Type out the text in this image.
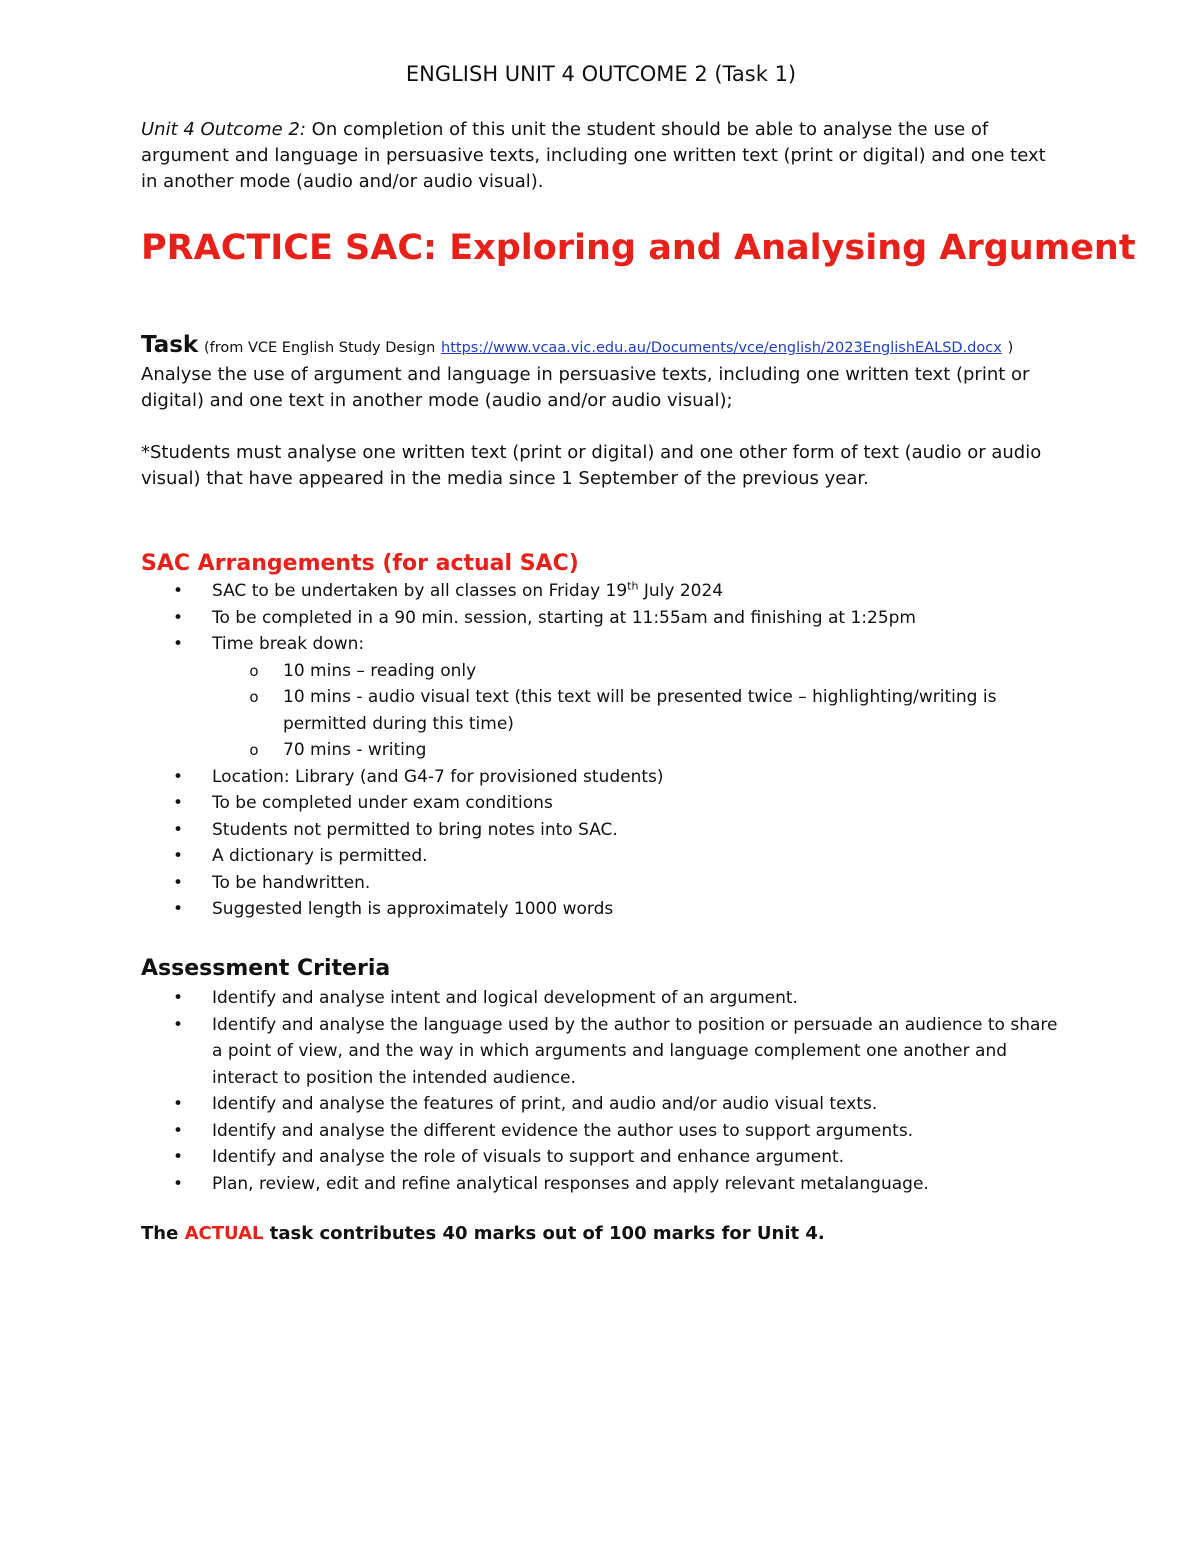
ENGLISH UNIT 4 OUTCOME 2 (Task 1)
Unit 4 Outcome 2: On completion of this unit the student should be able to analyse the use of argument and language in persuasive texts, including one written text (print or digital) and one text in another mode (audio and/or audio visual).
PRACTICE SAC: Exploring and Analysing Argument
Task (from VCE English Study Design https://www.vcaa.vic.edu.au/Documents/vce/english/2023EnglishEALSD.docx )
Analyse the use of argument and language in persuasive texts, including one written text (print or digital) and one text in another mode (audio and/or audio visual);
*Students must analyse one written text (print or digital) and one other form of text (audio or audio visual) that have appeared in the media since 1 September of the previous year.
SAC Arrangements (for actual SAC)
• SAC to be undertaken by all classes on Friday 19th July 2024
• To be completed in a 90 min. session, starting at 11:55am and finishing at 1:25pm
• Time break down:
o 10 mins – reading only
o 10 mins - audio visual text (this text will be presented twice – highlighting/writing is permitted during this time)
o 70 mins - writing
• Location: Library (and G4-7 for provisioned students)
• To be completed under exam conditions
• Students not permitted to bring notes into SAC.
• A dictionary is permitted.
• To be handwritten.
• Suggested length is approximately 1000 words
Assessment Criteria
• Identify and analyse intent and logical development of an argument.
• Identify and analyse the language used by the author to position or persuade an audience to share a point of view, and the way in which arguments and language complement one another and interact to position the intended audience.
• Identify and analyse the features of print, and audio and/or audio visual texts.
• Identify and analyse the different evidence the author uses to support arguments.
• Identify and analyse the role of visuals to support and enhance argument.
• Plan, review, edit and refine analytical responses and apply relevant metalanguage.
The ACTUAL task contributes 40 marks out of 100 marks for Unit 4.
